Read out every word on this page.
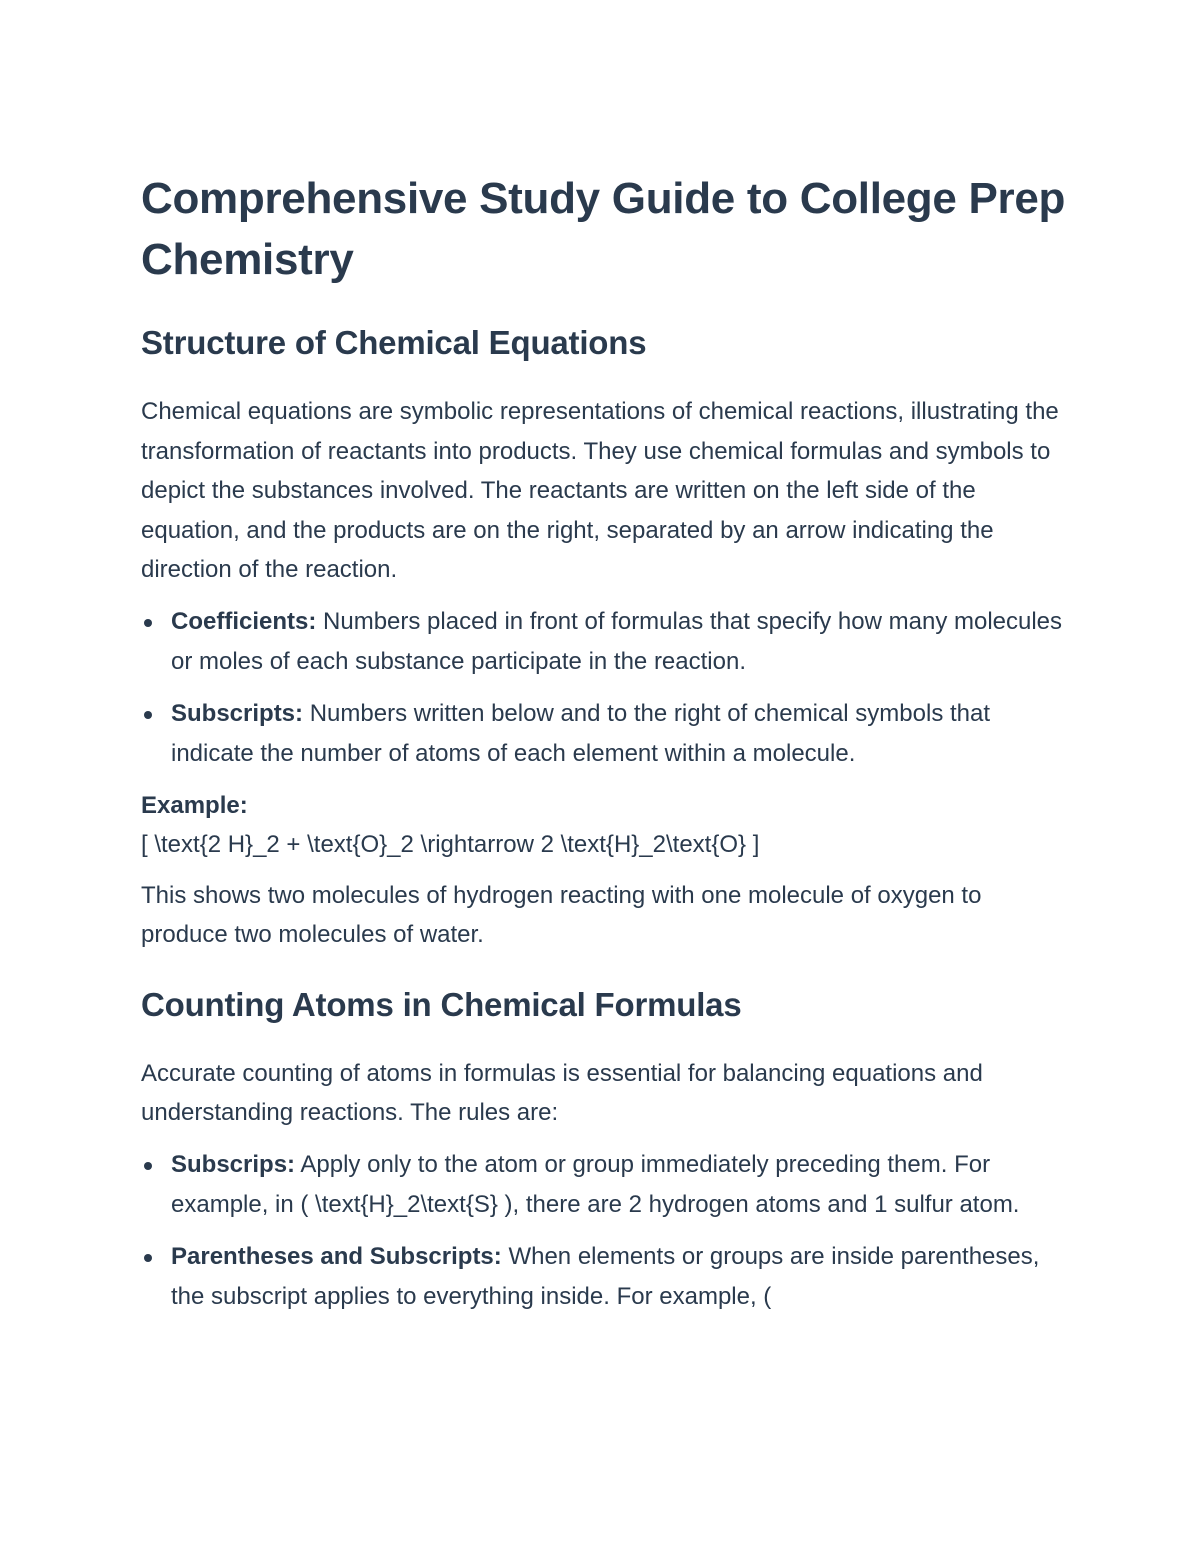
Comprehensive Study Guide to College Prep Chemistry
Structure of Chemical Equations

Chemical equations are symbolic representations of chemical reactions, illustrating the transformation of reactants into products. They use chemical formulas and symbols to depict the substances involved. The reactants are written on the left side of the equation, and the products are on the right, separated by an arrow indicating the direction of the reaction.

Coefficients: Numbers placed in front of formulas that specify how many molecules or moles of each substance participate in the reaction.
Subscripts: Numbers written below and to the right of chemical symbols that indicate the number of atoms of each element within a molecule.
Example:
[ \text{2 H}_2 + \text{O}_2 \rightarrow 2 \text{H}_2\text{O} ]

This shows two molecules of hydrogen reacting with one molecule of oxygen to produce two molecules of water.

Counting Atoms in Chemical Formulas

Accurate counting of atoms in formulas is essential for balancing equations and understanding reactions. The rules are:

Subscrips: Apply only to the atom or group immediately preceding them. For example, in ( \text{H}_2\text{S} ), there are 2 hydrogen atoms and 1 sulfur atom.
Parentheses and Subscripts: When elements or groups are inside parentheses, the subscript applies to everything inside. For example, (
